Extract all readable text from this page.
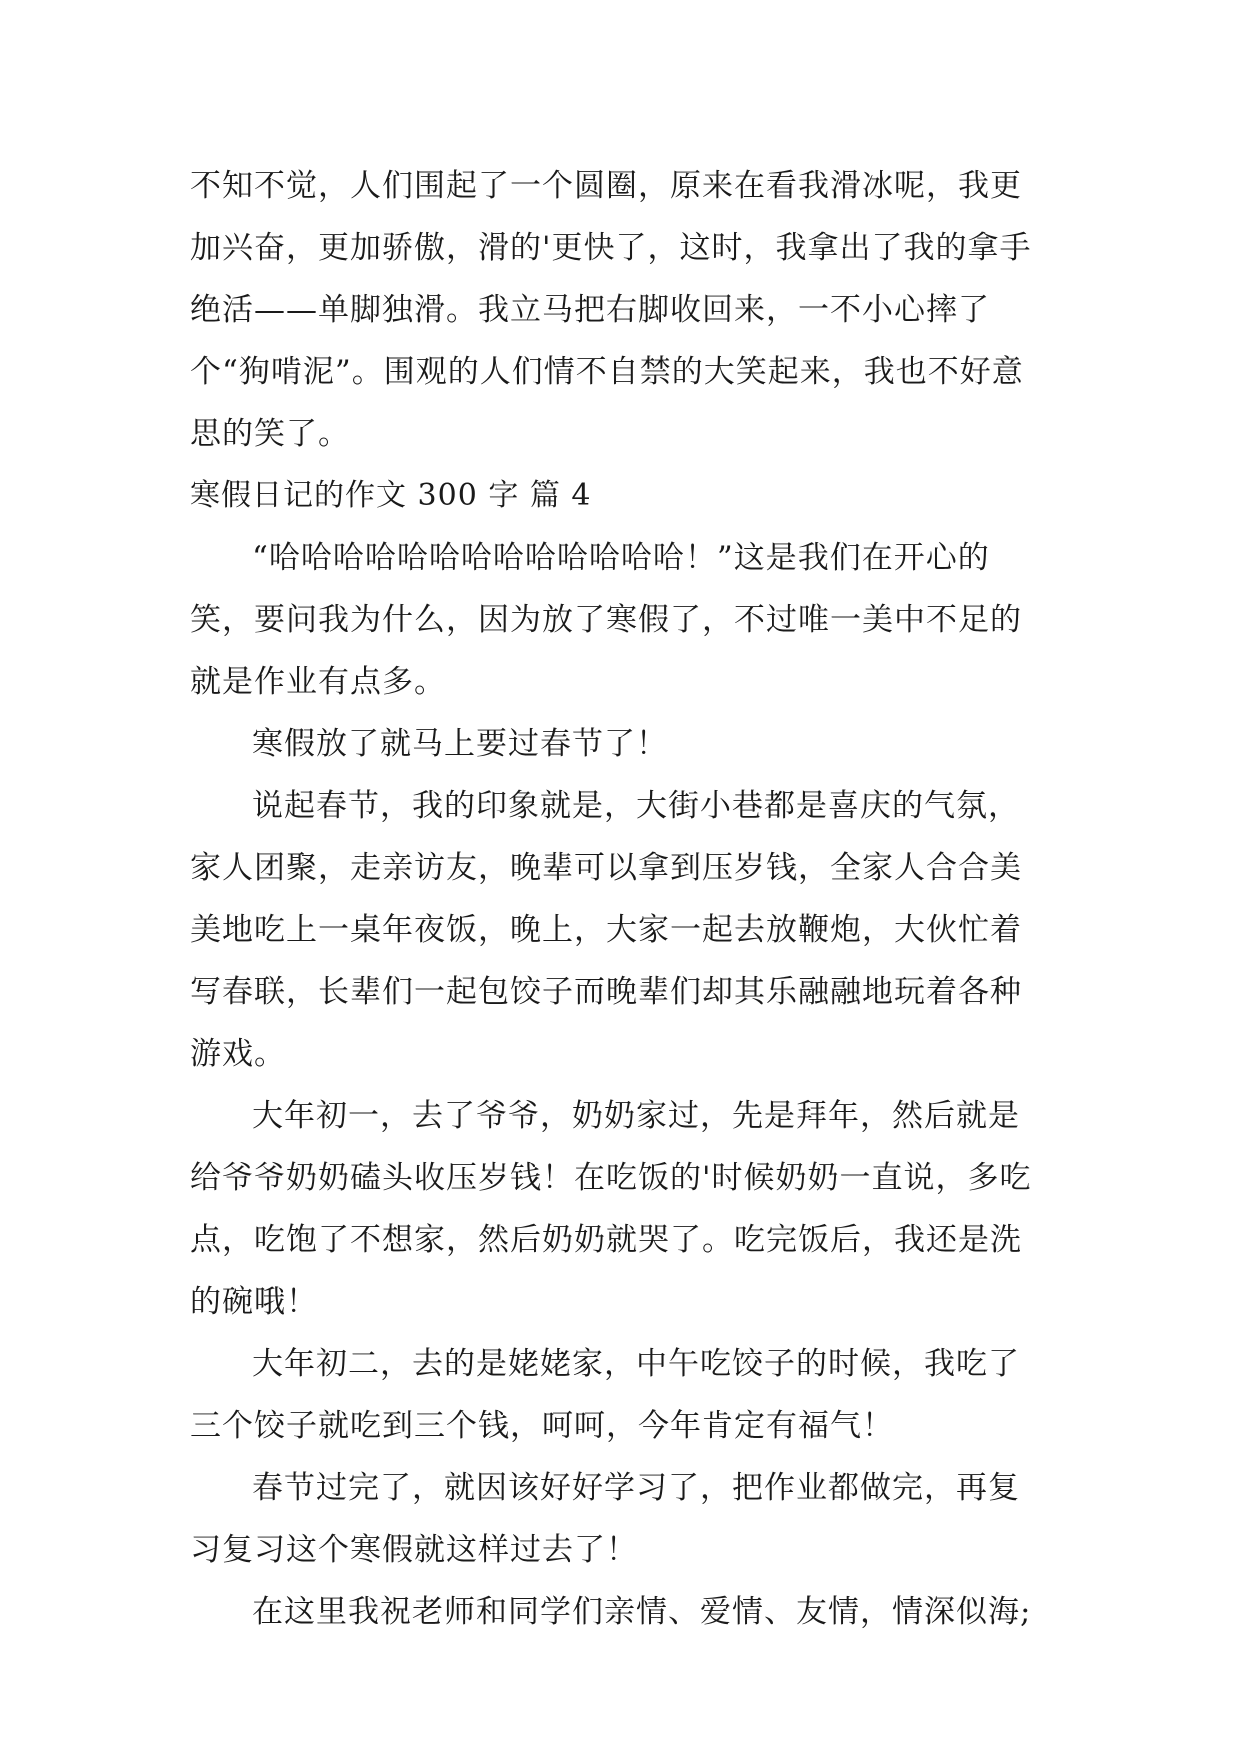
不知不觉，人们围起了一个圆圈，原来在看我滑冰呢，我更加兴奋，更加骄傲，滑的'更快了，这时，我拿出了我的拿手绝活——单脚独滑。我立马把右脚收回来，一不小心摔了个“狗啃泥”。围观的人们情不自禁的大笑起来，我也不好意思的笑了。

寒假日记的作文 300 字 篇 4

“哈哈哈哈哈哈哈哈哈哈哈哈哈！”这是我们在开心的笑，要问我为什么，因为放了寒假了，不过唯一美中不足的就是作业有点多。

寒假放了就马上要过春节了！

说起春节，我的印象就是，大街小巷都是喜庆的气氛，家人团聚，走亲访友，晚辈可以拿到压岁钱，全家人合合美美地吃上一桌年夜饭，晚上，大家一起去放鞭炮，大伙忙着写春联，长辈们一起包饺子而晚辈们却其乐融融地玩着各种游戏。

大年初一，去了爷爷，奶奶家过，先是拜年，然后就是给爷爷奶奶磕头收压岁钱！在吃饭的'时候奶奶一直说，多吃点，吃饱了不想家，然后奶奶就哭了。吃完饭后，我还是洗的碗哦！

大年初二，去的是姥姥家，中午吃饺子的时候，我吃了三个饺子就吃到三个钱，呵呵，今年肯定有福气！

春节过完了，就因该好好学习了，把作业都做完，再复习复习这个寒假就这样过去了！

在这里我祝老师和同学们亲情、爱情、友情，情深似海;
